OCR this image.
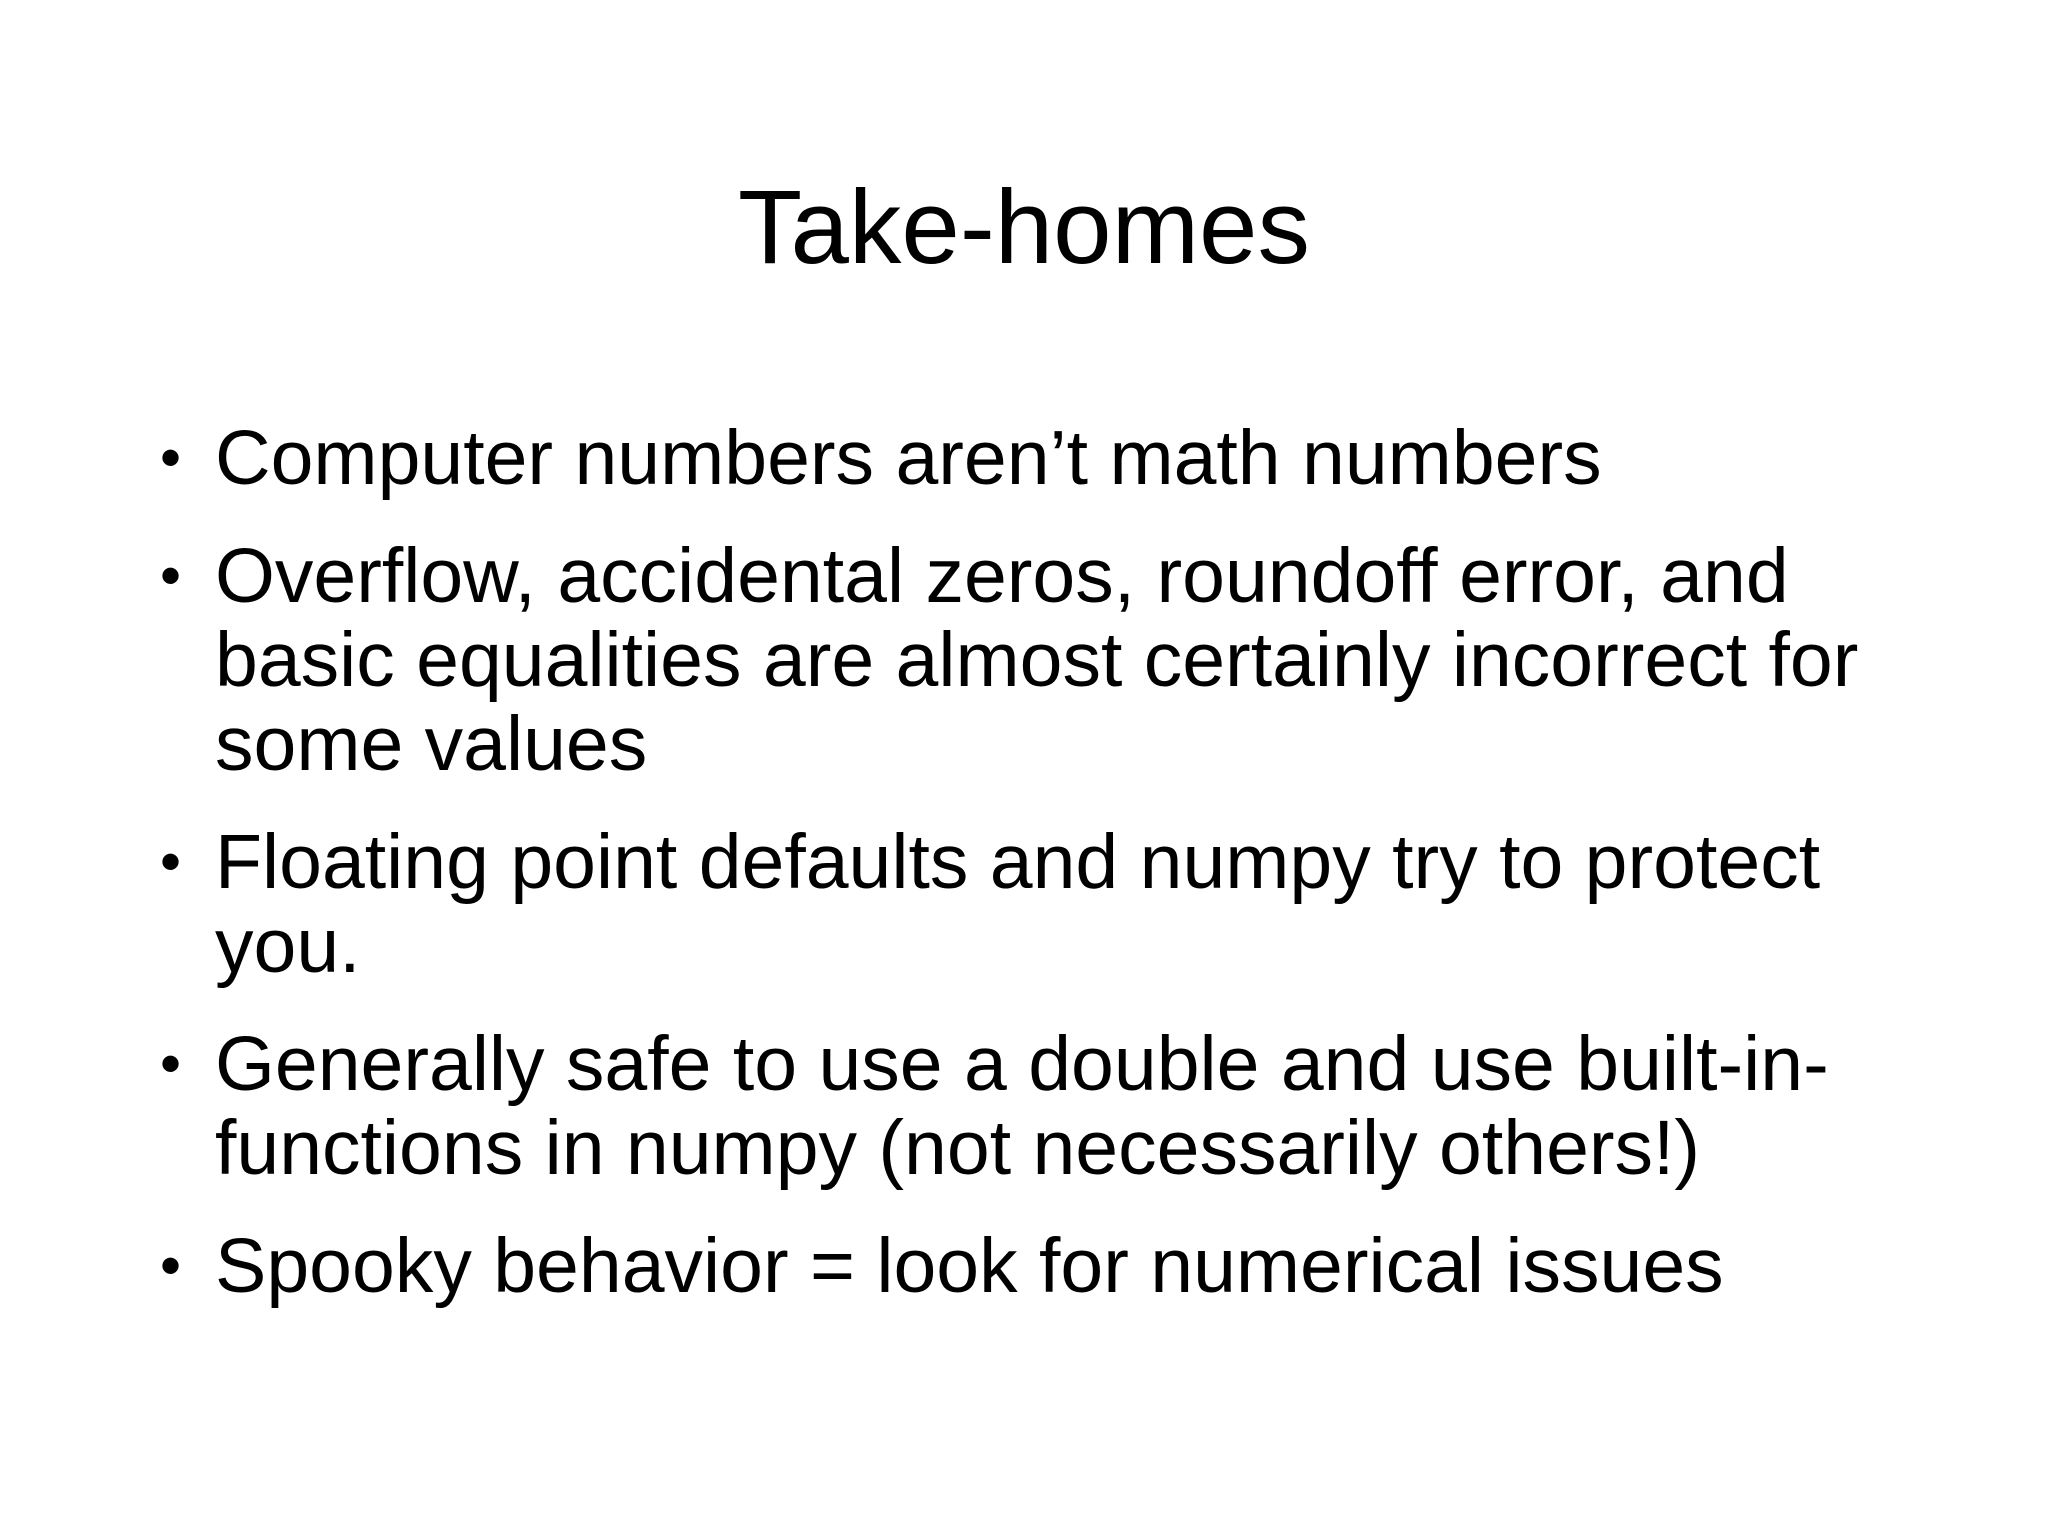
Take-homes
• Computer numbers aren’t math numbers
• Overflow, accidental zeros, roundoff error, and basic equalities are almost certainly incorrect for some values
• Floating point defaults and numpy try to protect you.
• Generally safe to use a double and use built-in-functions in numpy (not necessarily others!)
• Spooky behavior = look for numerical issues
